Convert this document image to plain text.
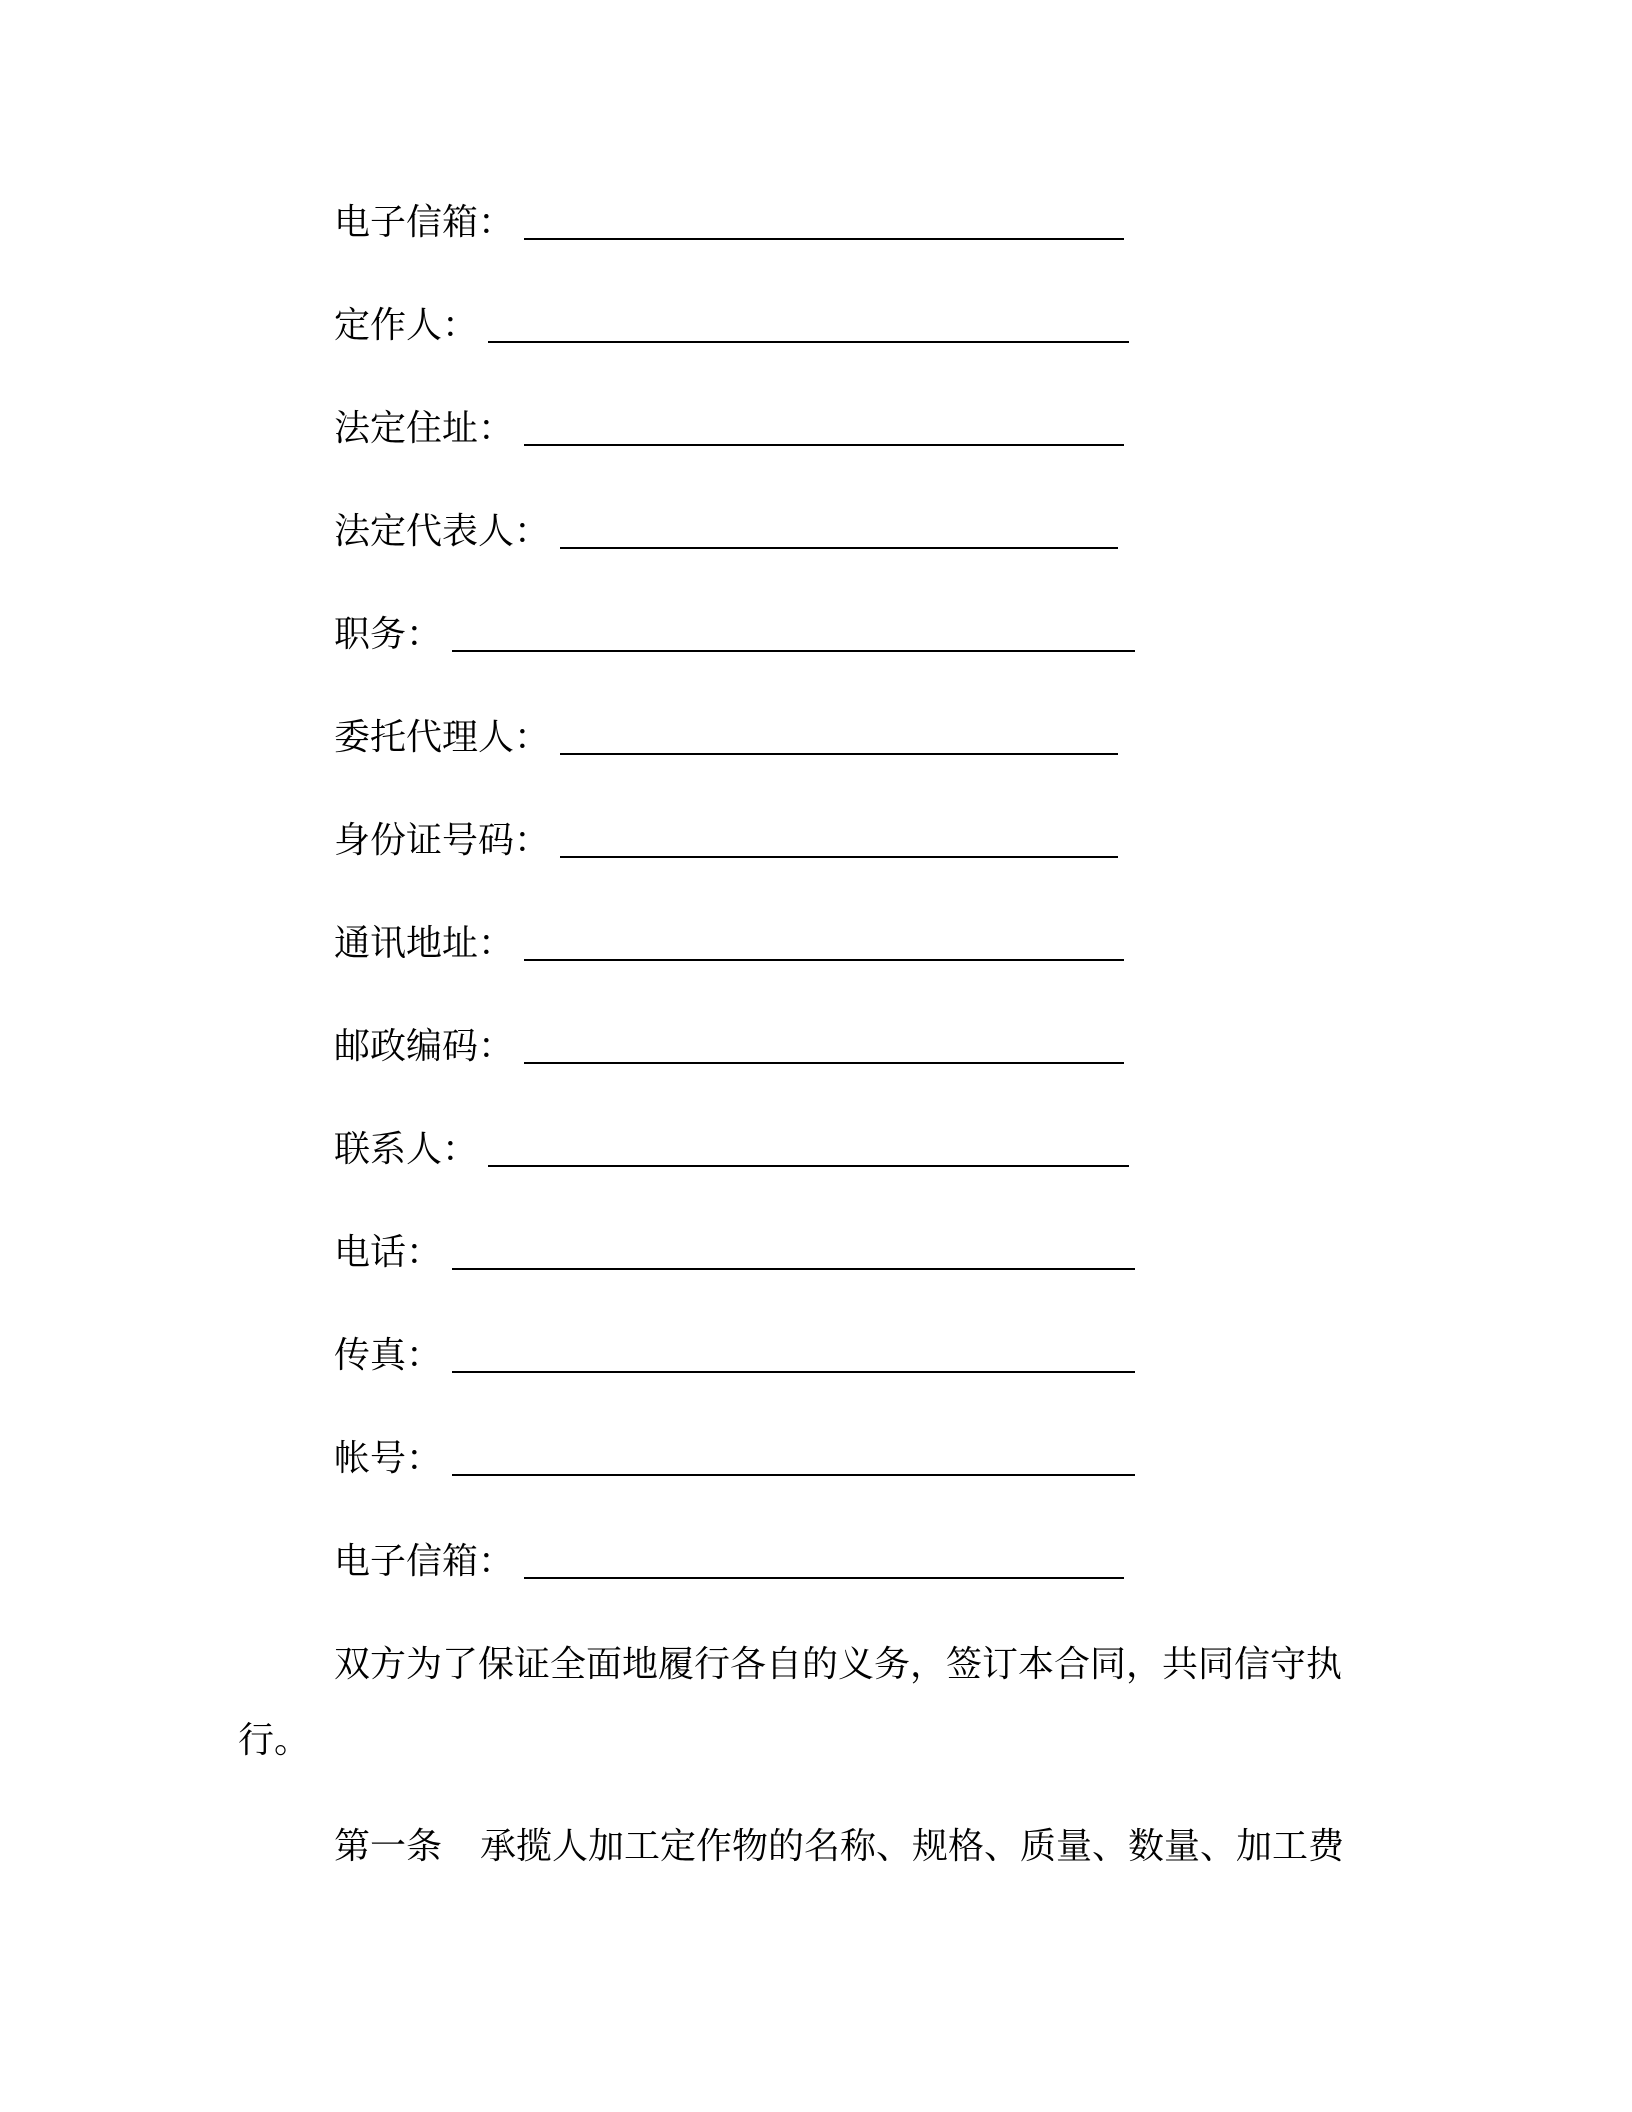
电子信箱：
定作人：
法定住址：
法定代表人：
职务：
委托代理人：
身份证号码：
通讯地址：
邮政编码：
联系人：
电话：
传真：
帐号：
电子信箱：
双方为了保证全面地履行各自的义务，签订本合同，共同信守执
行。
第一条 承揽人加工定作物的名称、规格、质量、数量、加工费
